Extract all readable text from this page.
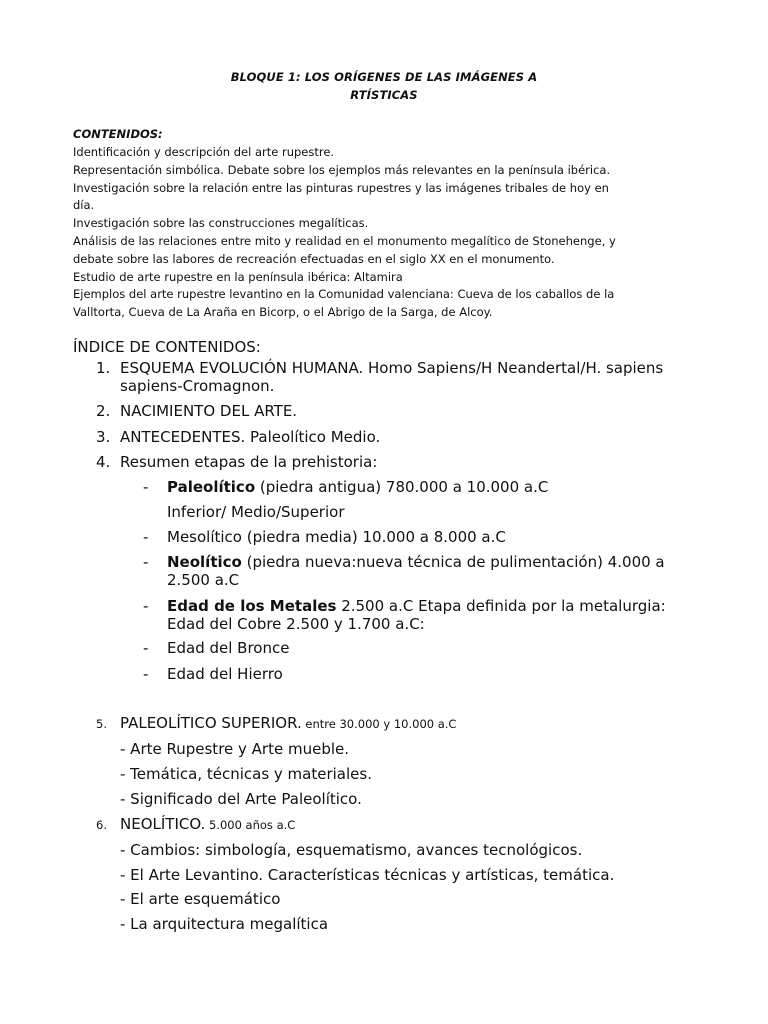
BLOQUE 1: LOS ORÍGENES DE LAS IMÁGENES A
RTÍSTICAS
CONTENIDOS:
Identificación y descripción del arte rupestre.
Representación simbólica. Debate sobre los ejemplos más relevantes en la península ibérica.
Investigación sobre la relación entre las pinturas rupestres y las imágenes tribales de hoy en
día.
Investigación sobre las construcciones megalíticas.
Análisis de las relaciones entre mito y realidad en el monumento megalítico de Stonehenge, y
debate sobre las labores de recreación efectuadas en el siglo XX en el monumento.
Estudio de arte rupestre en la península ibérica: Altamira
Ejemplos del arte rupestre levantino en la Comunidad valenciana: Cueva de los caballos de la
Valltorta, Cueva de La Araña en Bicorp, o el Abrigo de la Sarga, de Alcoy.
ÍNDICE DE CONTENIDOS:
1. ESQUEMA EVOLUCIÓN HUMANA. Homo Sapiens/H Neandertal/H. sapiens
sapiens-Cromagnon.
2. NACIMIENTO DEL ARTE.
3. ANTECEDENTES. Paleolítico Medio.
4. Resumen etapas de la prehistoria:
- Paleolítico (piedra antigua) 780.000 a 10.000 a.C
Inferior/ Medio/Superior
- Mesolítico (piedra media) 10.000 a 8.000 a.C
- Neolítico (piedra nueva:nueva técnica de pulimentación) 4.000 a
2.500 a.C
- Edad de los Metales 2.500 a.C Etapa definida por la metalurgia:
Edad del Cobre 2.500 y 1.700 a.C:
- Edad del Bronce
- Edad del Hierro
5. PALEOLÍTICO SUPERIOR. entre 30.000 y 10.000 a.C
- Arte Rupestre y Arte mueble.
- Temática, técnicas y materiales.
- Significado del Arte Paleolítico.
6. NEOLÍTICO. 5.000 años a.C
- Cambios: simbología, esquematismo, avances tecnológicos.
- El Arte Levantino. Características técnicas y artísticas, temática.
- El arte esquemático
- La arquitectura megalítica
